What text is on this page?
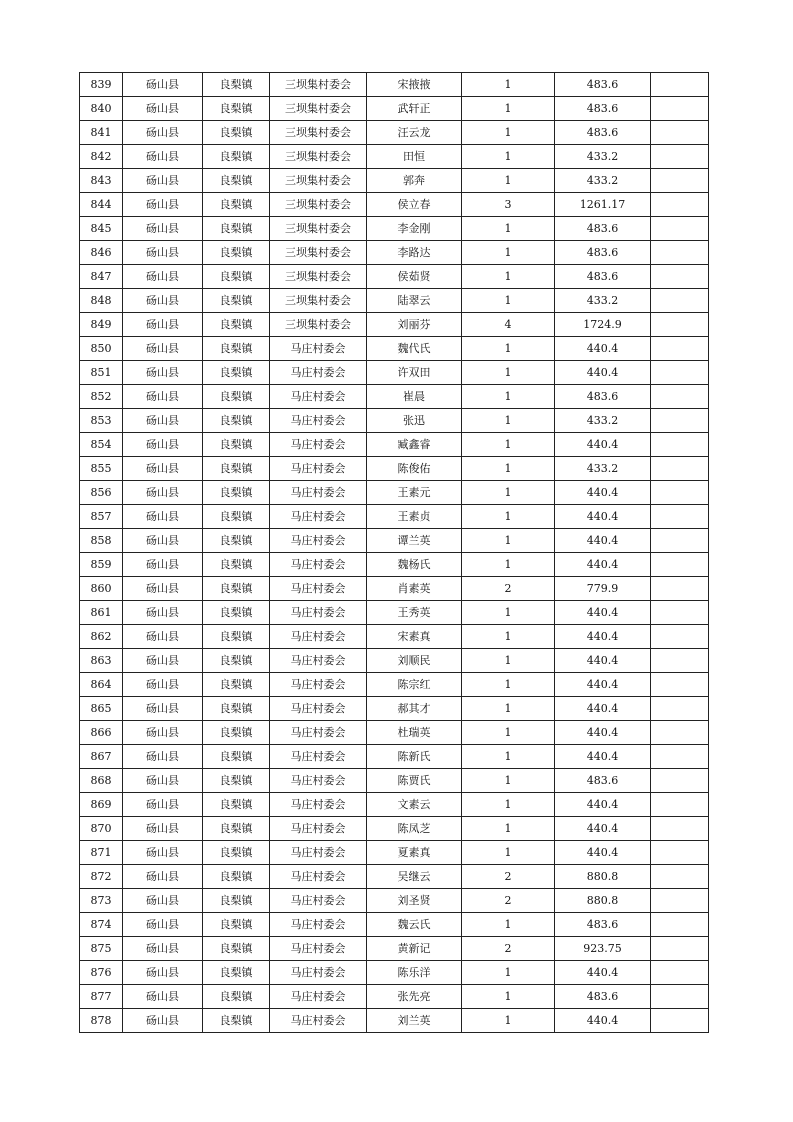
839	砀山县	良梨镇	三坝集村委会	宋掖掖	1	483.6	
840	砀山县	良梨镇	三坝集村委会	武轩正	1	483.6	
841	砀山县	良梨镇	三坝集村委会	汪云龙	1	483.6	
842	砀山县	良梨镇	三坝集村委会	田恒	1	433.2	
843	砀山县	良梨镇	三坝集村委会	郭奔	1	433.2	
844	砀山县	良梨镇	三坝集村委会	侯立春	3	1261.17	
845	砀山县	良梨镇	三坝集村委会	李金刚	1	483.6	
846	砀山县	良梨镇	三坝集村委会	李路达	1	483.6	
847	砀山县	良梨镇	三坝集村委会	侯茹贤	1	483.6	
848	砀山县	良梨镇	三坝集村委会	陆翠云	1	433.2	
849	砀山县	良梨镇	三坝集村委会	刘丽芬	4	1724.9	
850	砀山县	良梨镇	马庄村委会	魏代氏	1	440.4	
851	砀山县	良梨镇	马庄村委会	许双田	1	440.4	
852	砀山县	良梨镇	马庄村委会	崔晨	1	483.6	
853	砀山县	良梨镇	马庄村委会	张迅	1	433.2	
854	砀山县	良梨镇	马庄村委会	臧鑫睿	1	440.4	
855	砀山县	良梨镇	马庄村委会	陈俊佑	1	433.2	
856	砀山县	良梨镇	马庄村委会	王素元	1	440.4	
857	砀山县	良梨镇	马庄村委会	王素贞	1	440.4	
858	砀山县	良梨镇	马庄村委会	谭兰英	1	440.4	
859	砀山县	良梨镇	马庄村委会	魏杨氏	1	440.4	
860	砀山县	良梨镇	马庄村委会	肖素英	2	779.9	
861	砀山县	良梨镇	马庄村委会	王秀英	1	440.4	
862	砀山县	良梨镇	马庄村委会	宋素真	1	440.4	
863	砀山县	良梨镇	马庄村委会	刘顺民	1	440.4	
864	砀山县	良梨镇	马庄村委会	陈宗红	1	440.4	
865	砀山县	良梨镇	马庄村委会	郝其才	1	440.4	
866	砀山县	良梨镇	马庄村委会	杜瑞英	1	440.4	
867	砀山县	良梨镇	马庄村委会	陈新氏	1	440.4	
868	砀山县	良梨镇	马庄村委会	陈贾氏	1	483.6	
869	砀山县	良梨镇	马庄村委会	文素云	1	440.4	
870	砀山县	良梨镇	马庄村委会	陈凤芝	1	440.4	
871	砀山县	良梨镇	马庄村委会	夏素真	1	440.4	
872	砀山县	良梨镇	马庄村委会	吴继云	2	880.8	
873	砀山县	良梨镇	马庄村委会	刘圣贤	2	880.8	
874	砀山县	良梨镇	马庄村委会	魏云氏	1	483.6	
875	砀山县	良梨镇	马庄村委会	黄新记	2	923.75	
876	砀山县	良梨镇	马庄村委会	陈乐洋	1	440.4	
877	砀山县	良梨镇	马庄村委会	张先亮	1	483.6	
878	砀山县	良梨镇	马庄村委会	刘兰英	1	440.4	
